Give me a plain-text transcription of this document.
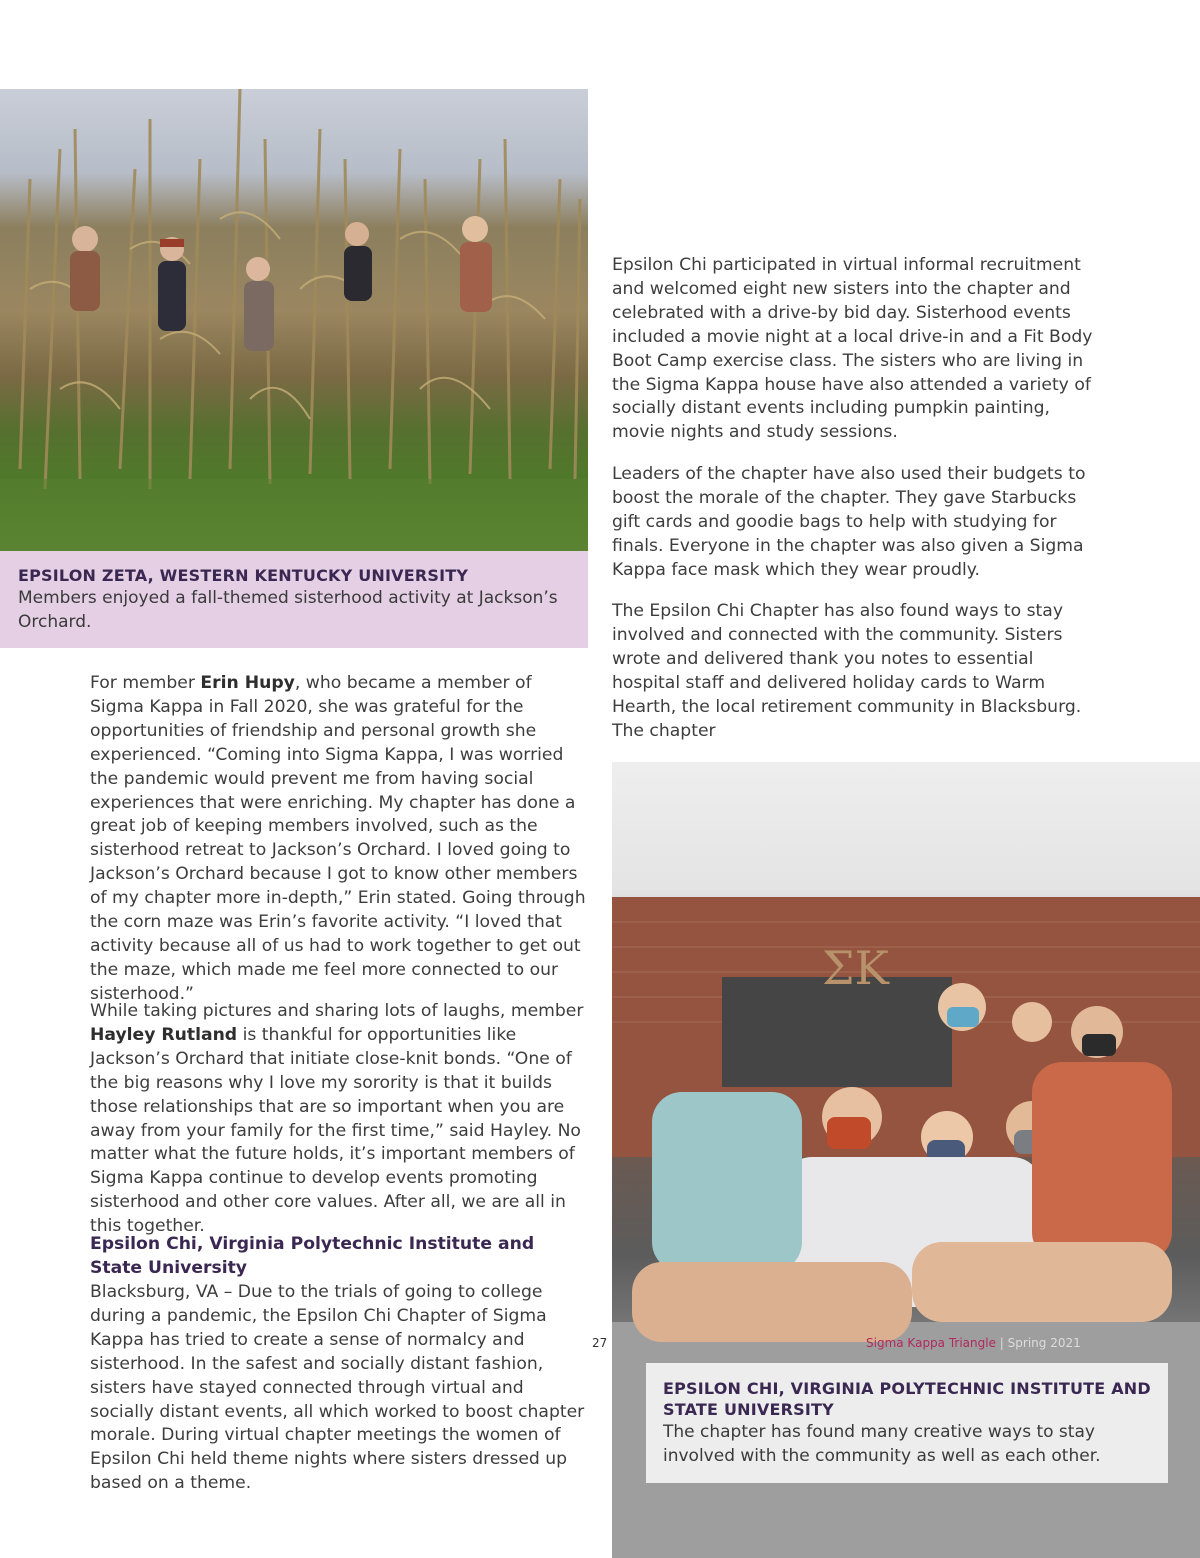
EPSILON ZETA, WESTERN KENTUCKY UNIVERSITY
Members enjoyed a fall-themed sisterhood activity at Jackson’s Orchard.
For member Erin Hupy, who became a member of Sigma Kappa in Fall 2020, she was grateful for the opportunities of friendship and personal growth she experienced. “Coming into Sigma Kappa, I was worried the pandemic would prevent me from having social experiences that were enriching. My chapter has done a great job of keeping members involved, such as the sisterhood retreat to Jackson’s Orchard. I loved going to Jackson’s Orchard because I got to know other members of my chapter more in-depth,” Erin stated. Going through the corn maze was Erin’s favorite activity. “I loved that activity because all of us had to work together to get out the maze, which made me feel more connected to our sisterhood.”
While taking pictures and sharing lots of laughs, member Hayley Rutland is thankful for opportunities like Jackson’s Orchard that initiate close-knit bonds. “One of the big reasons why I love my sorority is that it builds those relationships that are so important when you are away from your family for the first time,” said Hayley. No matter what the future holds, it’s important members of Sigma Kappa continue to develop events promoting sisterhood and other core values. After all, we are all in this together.
Epsilon Chi, Virginia Polytechnic Institute and State University
Blacksburg, VA – Due to the trials of going to college during a pandemic, the Epsilon Chi Chapter of Sigma Kappa has tried to create a sense of normalcy and sisterhood. In the safest and socially distant fashion, sisters have stayed connected through virtual and socially distant events, all which worked to boost chapter morale. During virtual chapter meetings the women of Epsilon Chi held theme nights where sisters dressed up based on a theme.
Epsilon Chi participated in virtual informal recruitment and welcomed eight new sisters into the chapter and celebrated with a drive-by bid day. Sisterhood events included a movie night at a local drive-in and a Fit Body Boot Camp exercise class. The sisters who are living in the Sigma Kappa house have also attended a variety of socially distant events including pumpkin painting, movie nights and study sessions.
Leaders of the chapter have also used their budgets to boost the morale of the chapter. They gave Starbucks gift cards and goodie bags to help with studying for finals. Everyone in the chapter was also given a Sigma Kappa face mask which they wear proudly.
The Epsilon Chi Chapter has also found ways to stay involved and connected with the community. Sisters wrote and delivered thank you notes to essential hospital staff and delivered holiday cards to Warm Hearth, the local retirement community in Blacksburg. The chapter
ΣK
EPSILON CHI, VIRGINIA POLYTECHNIC INSTITUTE AND STATE UNIVERSITY
The chapter has found many creative ways to stay involved with the community as well as each other.
27	Sigma Kappa Triangle | Spring 2021
